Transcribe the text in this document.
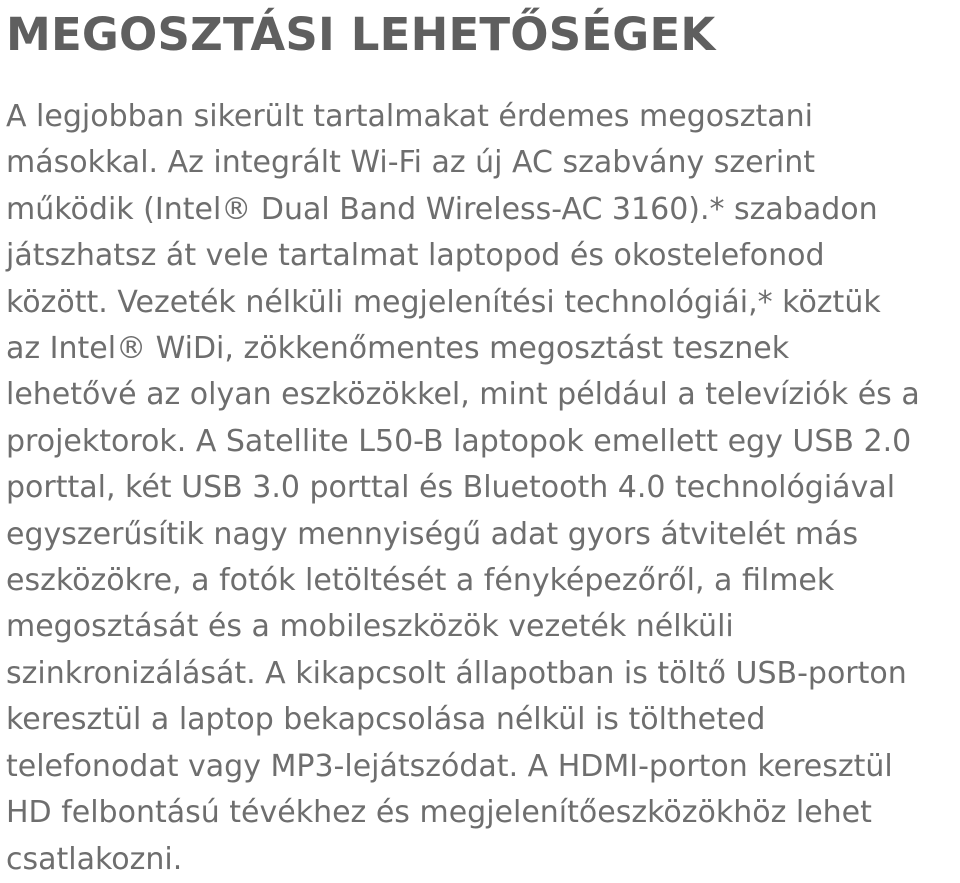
MEGOSZTÁSI LEHETŐSÉGEK

A legjobban sikerült tartalmakat érdemes megosztani
másokkal. Az integrált Wi-Fi az új AC szabvány szerint
működik (Intel® Dual Band Wireless-AC 3160).* szabadon
játszhatsz át vele tartalmat laptopod és okostelefonod
között. Vezeték nélküli megjelenítési technológiái,* köztük
az Intel® WiDi, zökkenőmentes megosztást tesznek
lehetővé az olyan eszközökkel, mint például a televíziók és a
projektorok. A Satellite L50-B laptopok emellett egy USB 2.0
porttal, két USB 3.0 porttal és Bluetooth 4.0 technológiával
egyszerűsítik nagy mennyiségű adat gyors átvitelét más
eszközökre, a fotók letöltését a fényképezőről, a filmek
megosztását és a mobileszközök vezeték nélküli
szinkronizálását. A kikapcsolt állapotban is töltő USB-porton
keresztül a laptop bekapcsolása nélkül is töltheted
telefonodat vagy MP3-lejátszódat. A HDMI-porton keresztül
HD felbontású tévékhez és megjelenítőeszközökhöz lehet
csatlakozni.
